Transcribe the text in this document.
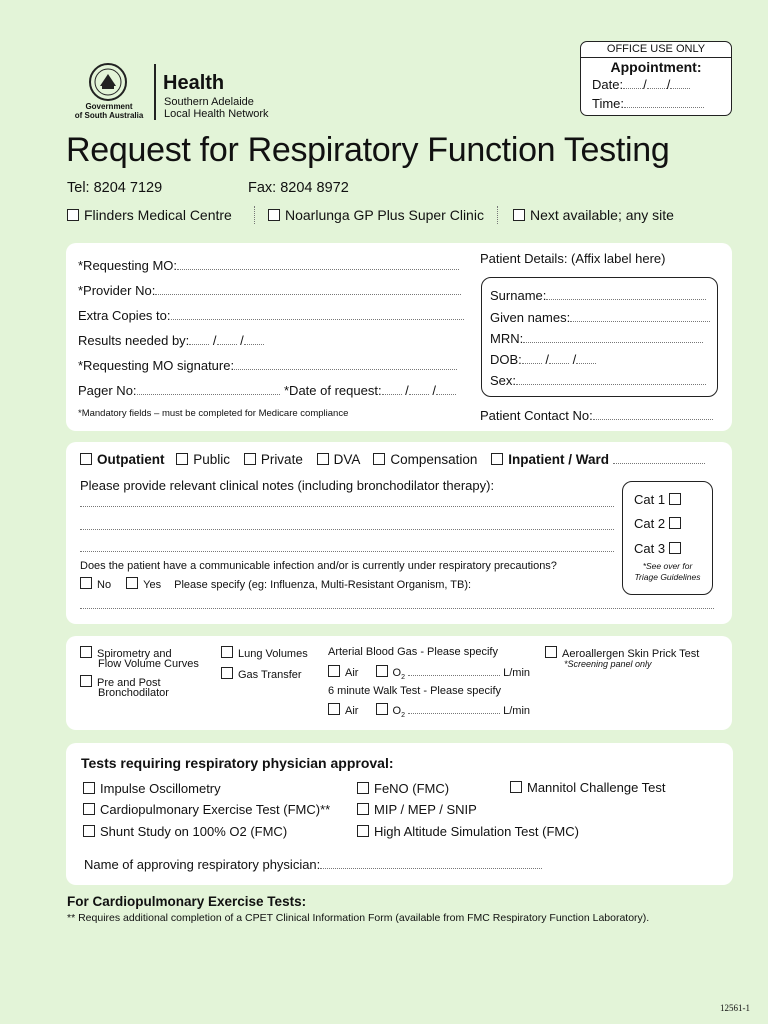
Government
of South Australia
Health
Southern Adelaide
Local Health Network
OFFICE USE ONLY
Appointment:
Date: / /
Time:
Request for Respiratory Function Testing
Tel: 8204 7129	Fax: 8204 8972
Flinders Medical Centre	Noarlunga GP Plus Super Clinic	Next available; any site
*Requesting MO:
*Provider No:
Extra Copies to:
Results needed by: / /
*Requesting MO signature:
Pager No:	*Date of request: / /
*Mandatory fields – must be completed for Medicare compliance
Patient Details: (Affix label here)
Surname:
Given names:
MRN:
DOB: / /
Sex:
Patient Contact No:
Outpatient Public Private DVA Compensation Inpatient / Ward
Please provide relevant clinical notes (including bronchodilator therapy):
Does the patient have a communicable infection and/or is currently under respiratory precautions?
No	Yes Please specify (eg: Influenza, Multi-Resistant Organism, TB):
Cat 1
Cat 2
Cat 3
*See over for
Triage Guidelines
Spirometry and
Flow Volume Curves
Pre and Post
Bronchodilator
Lung Volumes
Gas Transfer
Arterial Blood Gas - Please specify
Air	$O_2$	L/min
6 minute Walk Test - Please specify
Air	$O_2$	L/min
Aeroallergen Skin Prick Test
*Screening panel only
Tests requiring respiratory physician approval:
Impulse Oscillometry
Cardiopulmonary Exercise Test (FMC)**
Shunt Study on 100% O2 (FMC)
FeNO (FMC)
MIP / MEP / SNIP
High Altitude Simulation Test (FMC)
Mannitol Challenge Test
Name of approving respiratory physician:
For Cardiopulmonary Exercise Tests:
** Requires additional completion of a CPET Clinical Information Form (available from FMC Respiratory Function Laboratory).
12561-1
